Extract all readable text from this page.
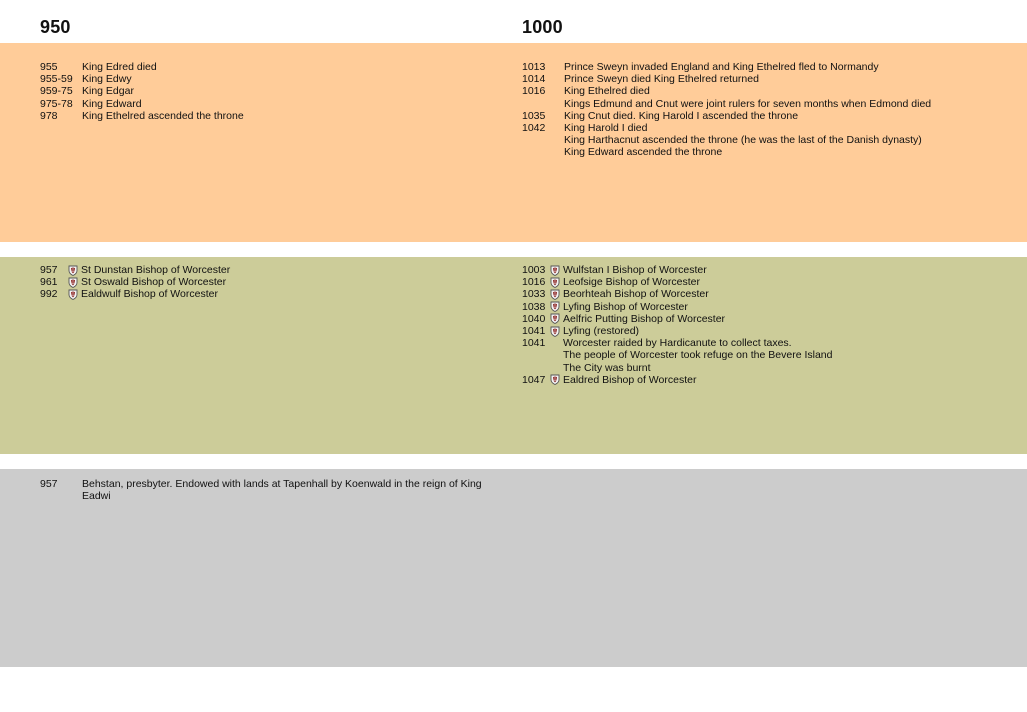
950	1000
955	King Edred died
955-59 King Edwy
959-75 King Edgar
975-78 King Edward
978	King Ethelred ascended the throne
1013	Prince Sweyn invaded England and King Ethelred fled to Normandy
1014	Prince Sweyn died King Ethelred returned
1016	King Ethelred died
Kings Edmund and Cnut were joint rulers for seven months when Edmond died
1035	King Cnut died. King Harold I ascended the throne
1042	King Harold I died
King Harthacnut ascended the throne (he was the last of the Danish dynasty)
King Edward ascended the throne
957	St Dunstan Bishop of Worcester
961	St Oswald Bishop of Worcester
992	Ealdwulf Bishop of Worcester
1003	Wulfstan I Bishop of Worcester
1016	Leofsige Bishop of Worcester
1033	Beorhteah Bishop of Worcester
1038	Lyfing Bishop of Worcester
1040	Aelfric Putting Bishop of Worcester
1041	Lyfing (restored)
1041	Worcester raided by Hardicanute to collect taxes.
The people of Worcester took refuge on the Bevere Island
The City was burnt
1047	Ealdred Bishop of Worcester
957	Behstan, presbyter. Endowed with lands at Tapenhall by Koenwald in the reign of King Eadwi
